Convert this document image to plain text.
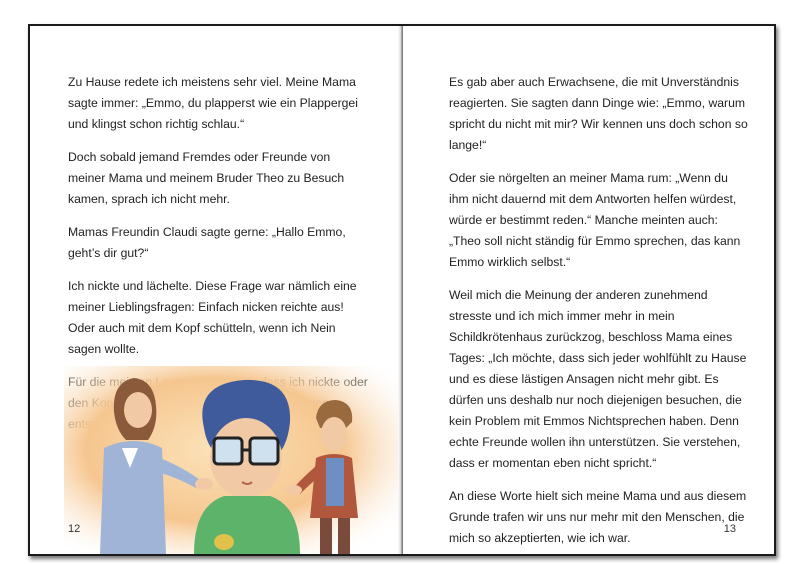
Zu Hause redete ich meistens sehr viel. Meine Mama sagte immer: „Emmo, du plapperst wie ein Plappergei und klingst schon richtig schlau.“

Doch sobald jemand Fremdes oder Freunde von meiner Mama und meinem Bruder Theo zu Besuch kamen, sprach ich nicht mehr.

Mamas Freundin Claudi sagte gerne: „Hallo Emmo, geht’s dir gut?“

Ich nickte und lächelte. Diese Frage war nämlich eine meiner Lieblingsfragen: Einfach nicken reichte aus! Oder auch mit dem Kopf schütteln, wenn ich Nein sagen wollte.

12

Es gab aber auch Erwachsene, die mit Unverständnis reagierten. Sie sagten dann Dinge wie: „Emmo, warum spricht du nicht mit mir? Wir kennen uns doch schon so lange!“

Oder sie nörgelten an meiner Mama rum: „Wenn du ihm nicht dauernd mit dem Antworten helfen würdest, würde er bestimmt reden.“ Manche meinten auch: „Theo soll nicht ständig für Emmo sprechen, das kann Emmo wirklich selbst.“

Weil mich die Meinung der anderen zunehmend stresste und ich mich immer mehr in mein Schildkrötenhaus zurückzog, beschloss Mama eines Tages: „Ich möchte, dass sich jeder wohlfühlt zu Hause und es diese lästigen Ansagen nicht mehr gibt. Es dürfen uns deshalb nur noch diejenigen besuchen, die kein Problem mit Emmos Nichtsprechen haben. Denn echte Freunde wollen ihn unterstützen. Sie verstehen, dass er momentan eben nicht spricht.“

An diese Worte hielt sich meine Mama und aus diesem Grunde trafen wir uns nur mehr mit den Menschen, die mich so akzeptierten, wie ich war.

13
